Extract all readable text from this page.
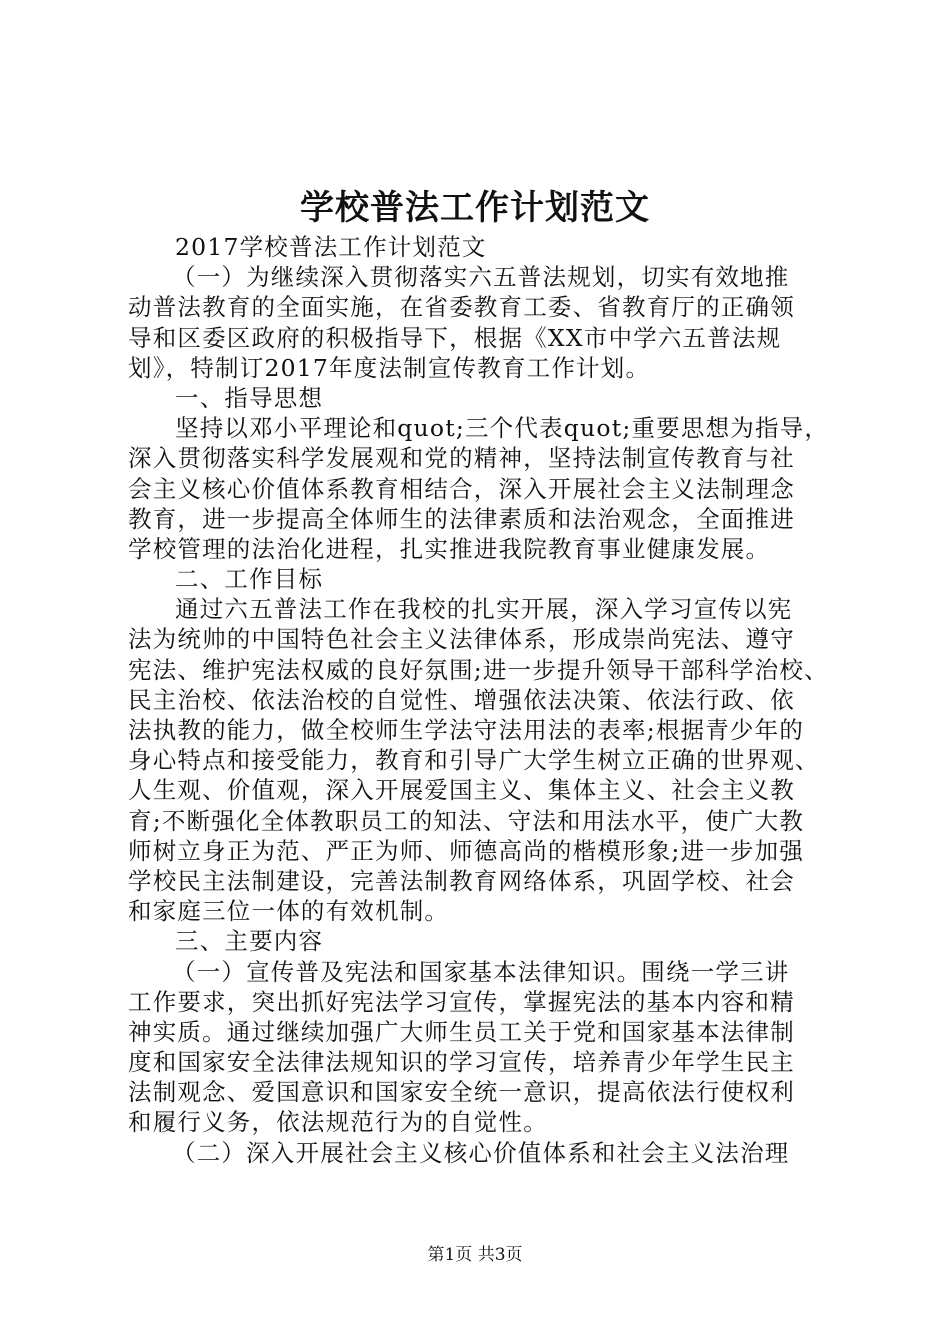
学校普法工作计划范文
2017学校普法工作计划范文
（一）为继续深入贯彻落实六五普法规划，切实有效地推
动普法教育的全面实施，在省委教育工委、省教育厅的正确领
导和区委区政府的积极指导下，根据《XX市中学六五普法规
划》，特制订2017年度法制宣传教育工作计划。
一、指导思想
坚持以邓小平理论和quot;三个代表quot;重要思想为指导，
深入贯彻落实科学发展观和党的精神，坚持法制宣传教育与社
会主义核心价值体系教育相结合，深入开展社会主义法制理念
教育，进一步提高全体师生的法律素质和法治观念，全面推进
学校管理的法治化进程，扎实推进我院教育事业健康发展。
二、工作目标
通过六五普法工作在我校的扎实开展，深入学习宣传以宪
法为统帅的中国特色社会主义法律体系，形成崇尚宪法、遵守
宪法、维护宪法权威的良好氛围;进一步提升领导干部科学治校、
民主治校、依法治校的自觉性、增强依法决策、依法行政、依
法执教的能力，做全校师生学法守法用法的表率;根据青少年的
身心特点和接受能力，教育和引导广大学生树立正确的世界观、
人生观、价值观，深入开展爱国主义、集体主义、社会主义教
育;不断强化全体教职员工的知法、守法和用法水平，使广大教
师树立身正为范、严正为师、师德高尚的楷模形象;进一步加强
学校民主法制建设，完善法制教育网络体系，巩固学校、社会
和家庭三位一体的有效机制。
三、主要内容
（一）宣传普及宪法和国家基本法律知识。围绕一学三讲
工作要求，突出抓好宪法学习宣传，掌握宪法的基本内容和精
神实质。通过继续加强广大师生员工关于党和国家基本法律制
度和国家安全法律法规知识的学习宣传，培养青少年学生民主
法制观念、爱国意识和国家安全统一意识，提高依法行使权利
和履行义务，依法规范行为的自觉性。
（二）深入开展社会主义核心价值体系和社会主义法治理
第1页 共3页
